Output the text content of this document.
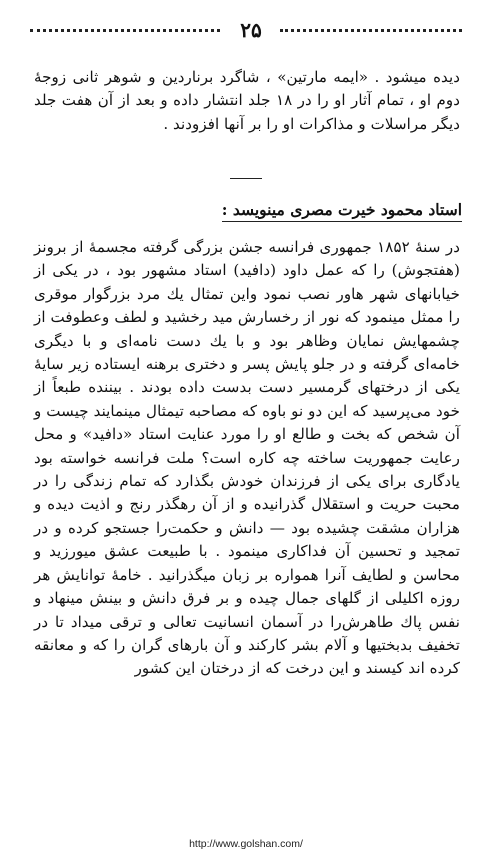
۲۵

دیده میشود . «ایمه مارتین» ، شاگرد برناردین و شوهر ثانی زوجهٔ دوم او ، تمام آثار او را در ۱۸ جلد انتشار داده و بعد از آن هفت جلد دیگر مراسلات و مذاکرات او را بر آنها افزودند .

استاد محمود خیرت مصری مینویسد :

در سنهٔ ۱۸۵۲ جمهوری فرانسه جشن بزرگی گرفته مجسمهٔ از برونز (هفتجوش) را که عمل داود (دافید) استاد مشهور بود ، در یکی از خیابانهای شهر هاور نصب نمود واین تمثال یك مرد بزرگوار موقری را ممثل مینمود که نور از رخسارش مید رخشید و لطف وعطوفت از چشمهایش نمایان وظاهر بود و با یك دست نامه‌ای و با دیگری خامه‌ای گرفته و در جلو پایش پسر و دختری برهنه ایستاده زیر سایهٔ یکی از درختهای گرمسیر دست بدست داده بودند . بیننده طبعاً از خود می‌پرسید که این دو نو باوه که مصاحبه تیمثال مینمایند چیست و آن شخص که بخت و طالع او را مورد عنایت استاد «دافید» و محل رعایت جمهوریت ساخته چه کاره است؟ ملت فرانسه خواسته بود یادگاری برای یکی از فرزندان خودش بگذارد که تمام زندگی را در محبت حریت و استقلال گذرانیده و از آن رهگذر رنج و اذیت دیده و هزاران مشقت چشیده بود — دانش و حکمت‌را جستجو کرده و در تمجید و تحسین آن فداکاری مینمود . با طبیعت عشق میورزید و محاسن و لطایف آنرا همواره بر زبان میگذرانید . خامهٔ توانایش هر روزه اکلیلی از گلهای جمال چیده و بر فرق دانش و بینش مینهاد و نفس پاك طاهرش‌را در آسمان انسانیت تعالی و ترقی میداد تا در تخفیف بدبختیها و آلام بشر کارکند و آن بارهای گران را که و معانقه کرده اند کیسند و این درخت که از درختان این کشور

http://www.golshan.com/
